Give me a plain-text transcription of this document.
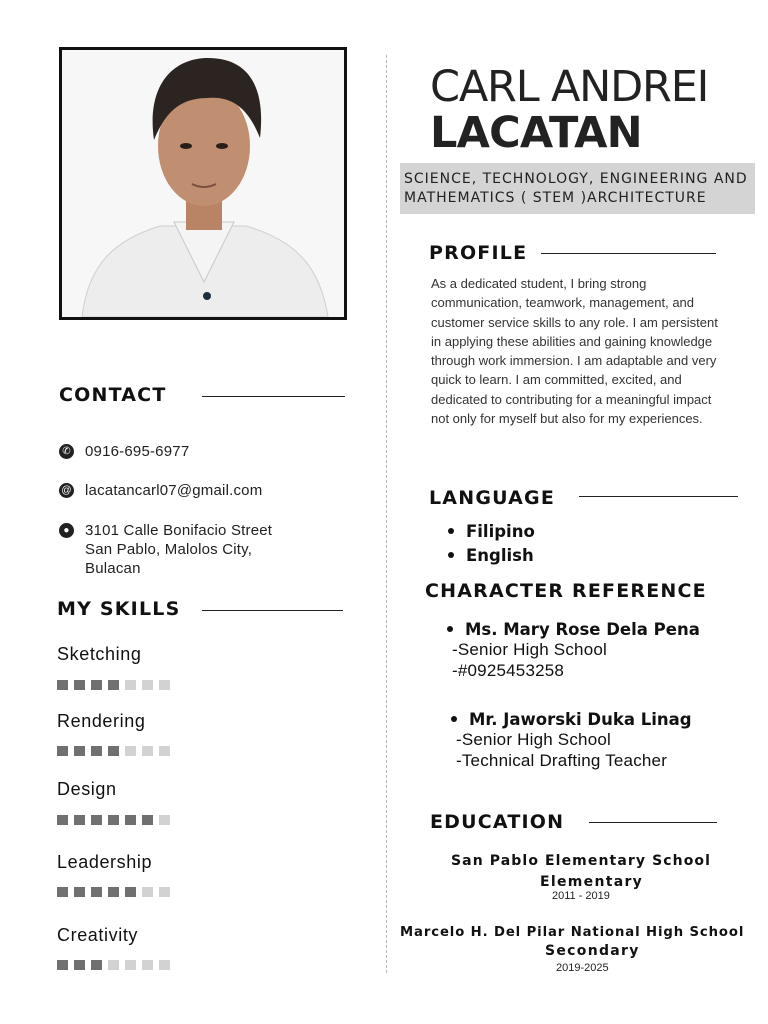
CONTACT
✆ 0916-695-6977
@ lacatancarl07@gmail.com
● 3101 Calle Bonifacio Street
San Pablo, Malolos City,
Bulacan
MY SKILLS
Sketching
Rendering
Design
Leadership
Creativity
CARL ANDREI
LACATAN
SCIENCE, TECHNOLOGY, ENGINEERING AND
MATHEMATICS ( STEM )ARCHITECTURE
PROFILE
As a dedicated student, I bring strong communication, teamwork, management, and customer service skills to any role. I am persistent in applying these abilities and gaining knowledge through work immersion. I am adaptable and very quick to learn. I am committed, excited, and dedicated to contributing for a meaningful impact not only for myself but also for my experiences.
LANGUAGE
Filipino
English
CHARACTER REFERENCE
Ms. Mary Rose Dela Pena
-Senior High School
-#0925453258
Mr. Jaworski Duka Linag
-Senior High School
-Technical Drafting Teacher
EDUCATION
San Pablo Elementary School
Elementary
2011 - 2019
Marcelo H. Del Pilar National High School
Secondary
2019-2025
